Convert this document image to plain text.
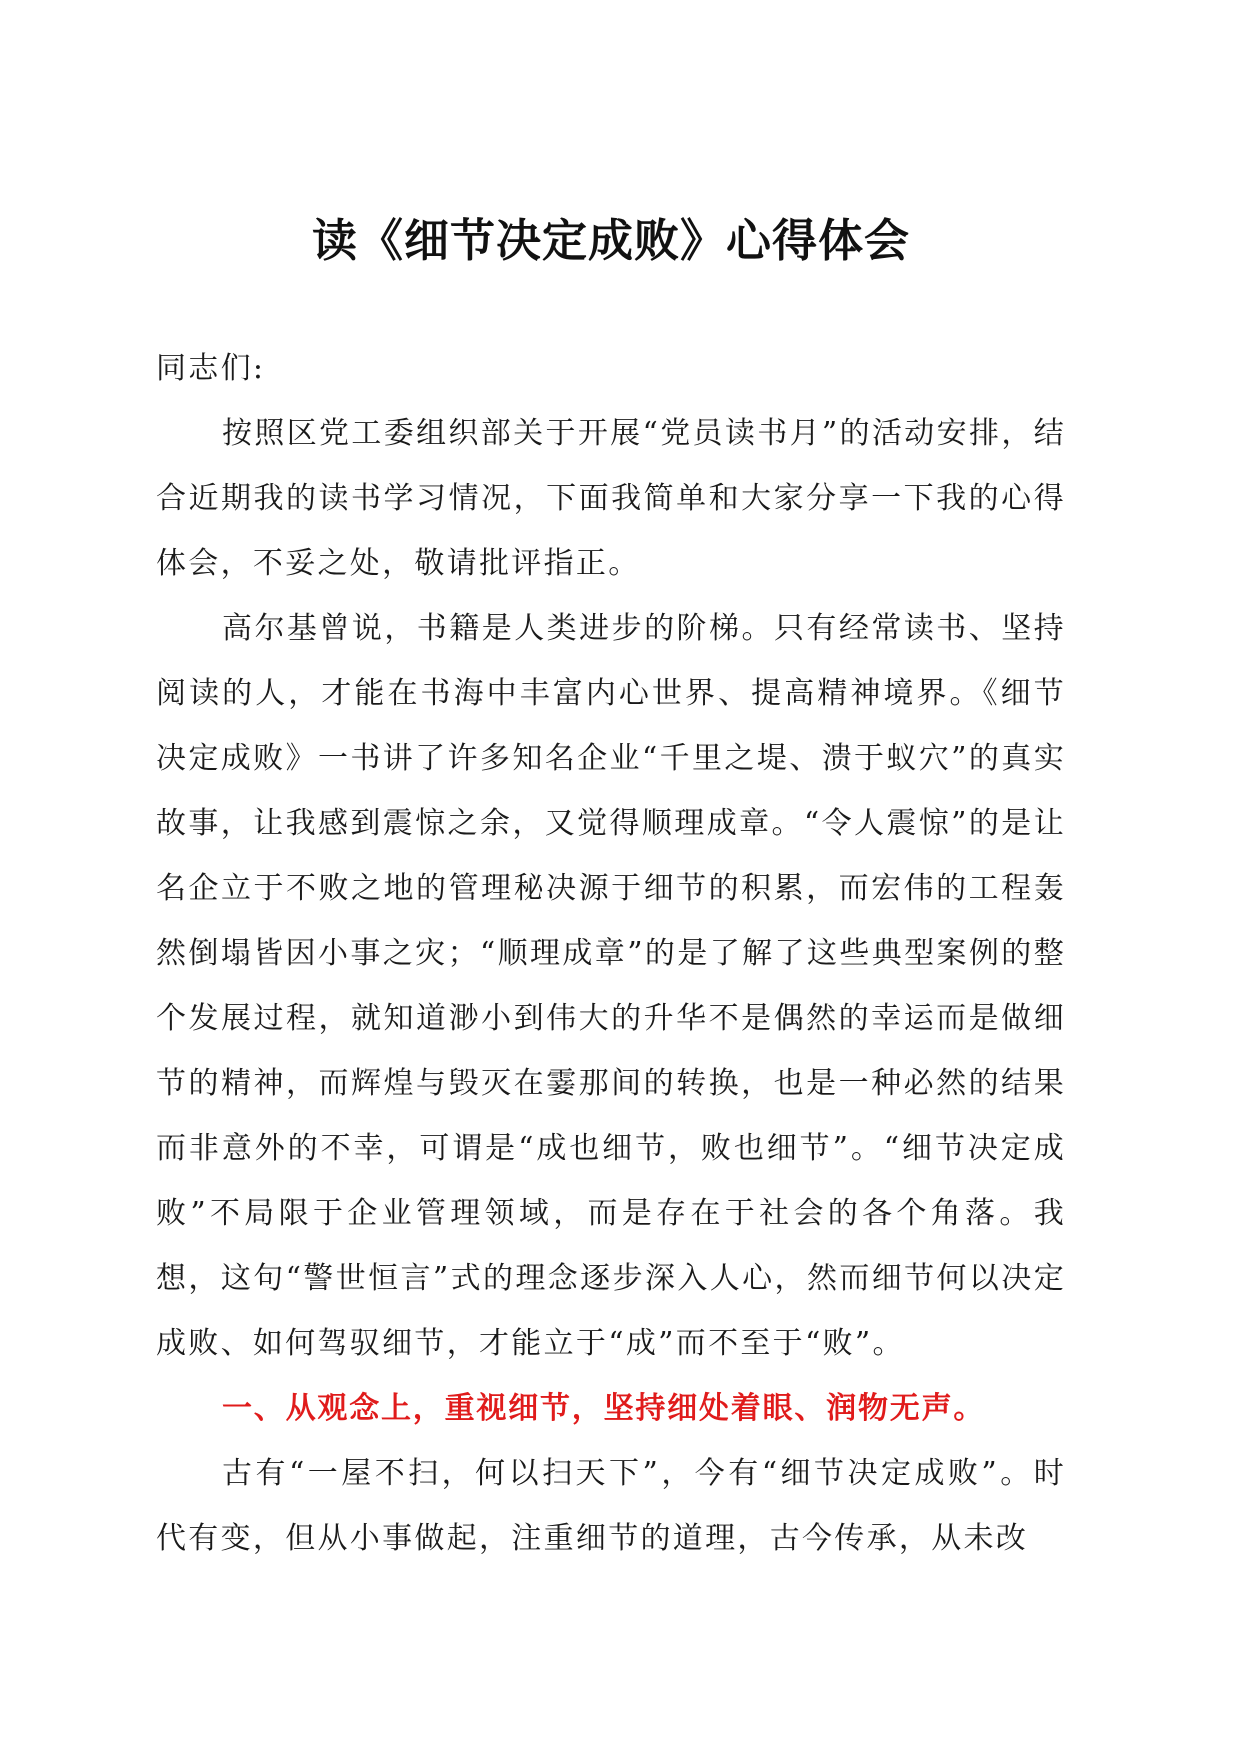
读《细节决定成败》心得体会

同志们:

按照区党工委组织部关于开展“党员读书月”的活动安排，结合近期我的读书学习情况，下面我简单和大家分享一下我的心得体会，不妥之处，敬请批评指正。

高尔基曾说，书籍是人类进步的阶梯。只有经常读书、坚持阅读的人，才能在书海中丰富内心世界、提高精神境界。《细节决定成败》一书讲了许多知名企业“千里之堤、溃于蚁穴”的真实故事，让我感到震惊之余，又觉得顺理成章。“令人震惊”的是让名企立于不败之地的管理秘决源于细节的积累，而宏伟的工程轰然倒塌皆因小事之灾；“顺理成章”的是了解了这些典型案例的整个发展过程，就知道渺小到伟大的升华不是偶然的幸运而是做细节的精神，而辉煌与毁灭在霎那间的转换，也是一种必然的结果而非意外的不幸，可谓是“成也细节，败也细节”。“细节决定成败”不局限于企业管理领域，而是存在于社会的各个角落。我想，这句“警世恒言”式的理念逐步深入人心，然而细节何以决定成败、如何驾驭细节，才能立于“成”而不至于“败”。

一、从观念上，重视细节，坚持细处着眼、润物无声。

古有“一屋不扫，何以扫天下”，今有“细节决定成败”。时代有变，但从小事做起，注重细节的道理，古今传承，从未改
